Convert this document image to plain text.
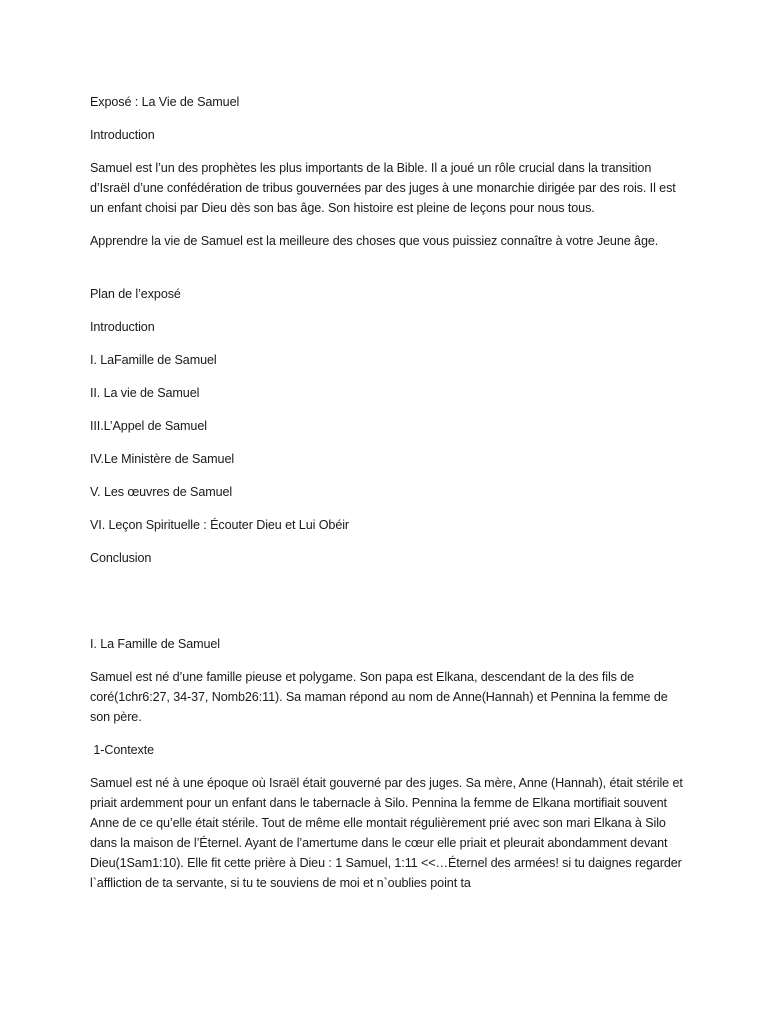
Exposé : La Vie de Samuel

Introduction

Samuel est l’un des prophètes les plus importants de la Bible. Il a joué un rôle crucial dans la transition d’Israël d’une confédération de tribus gouvernées par des juges à une monarchie dirigée par des rois. Il est un enfant choisi par Dieu dès son bas âge. Son histoire est pleine de leçons pour nous tous.

Apprendre la vie de Samuel est la meilleure des choses que vous puissiez connaître à votre Jeune âge.

Plan de l’exposé

Introduction

I. LaFamille de Samuel

II. La vie de Samuel

III.L’Appel de Samuel

IV.Le Ministère de Samuel

V. Les œuvres de Samuel

VI. Leçon Spirituelle : Écouter Dieu et Lui Obéir

Conclusion

I. La Famille de Samuel

Samuel est né d’une famille pieuse et polygame. Son papa est Elkana, descendant de la des fils de coré(1chr6:27, 34-37, Nomb26:11). Sa maman répond au nom de Anne(Hannah) et Pennina la femme de son père.

1-Contexte

Samuel est né à une époque où Israël était gouverné par des juges. Sa mère, Anne (Hannah), était stérile et priait ardemment pour un enfant dans le tabernacle à Silo. Pennina la femme de Elkana mortifiait souvent Anne de ce qu’elle était stérile. Tout de même elle montait régulièrement prié avec son mari Elkana à Silo dans la maison de l’Éternel. Ayant de l’amertume dans le cœur elle priait et pleurait abondamment devant Dieu(1Sam1:10). Elle fit cette prière à Dieu : 1 Samuel, 1:11 <<…Éternel des armées! si tu daignes regarder l`affliction de ta servante, si tu te souviens de moi et n`oublies point ta
